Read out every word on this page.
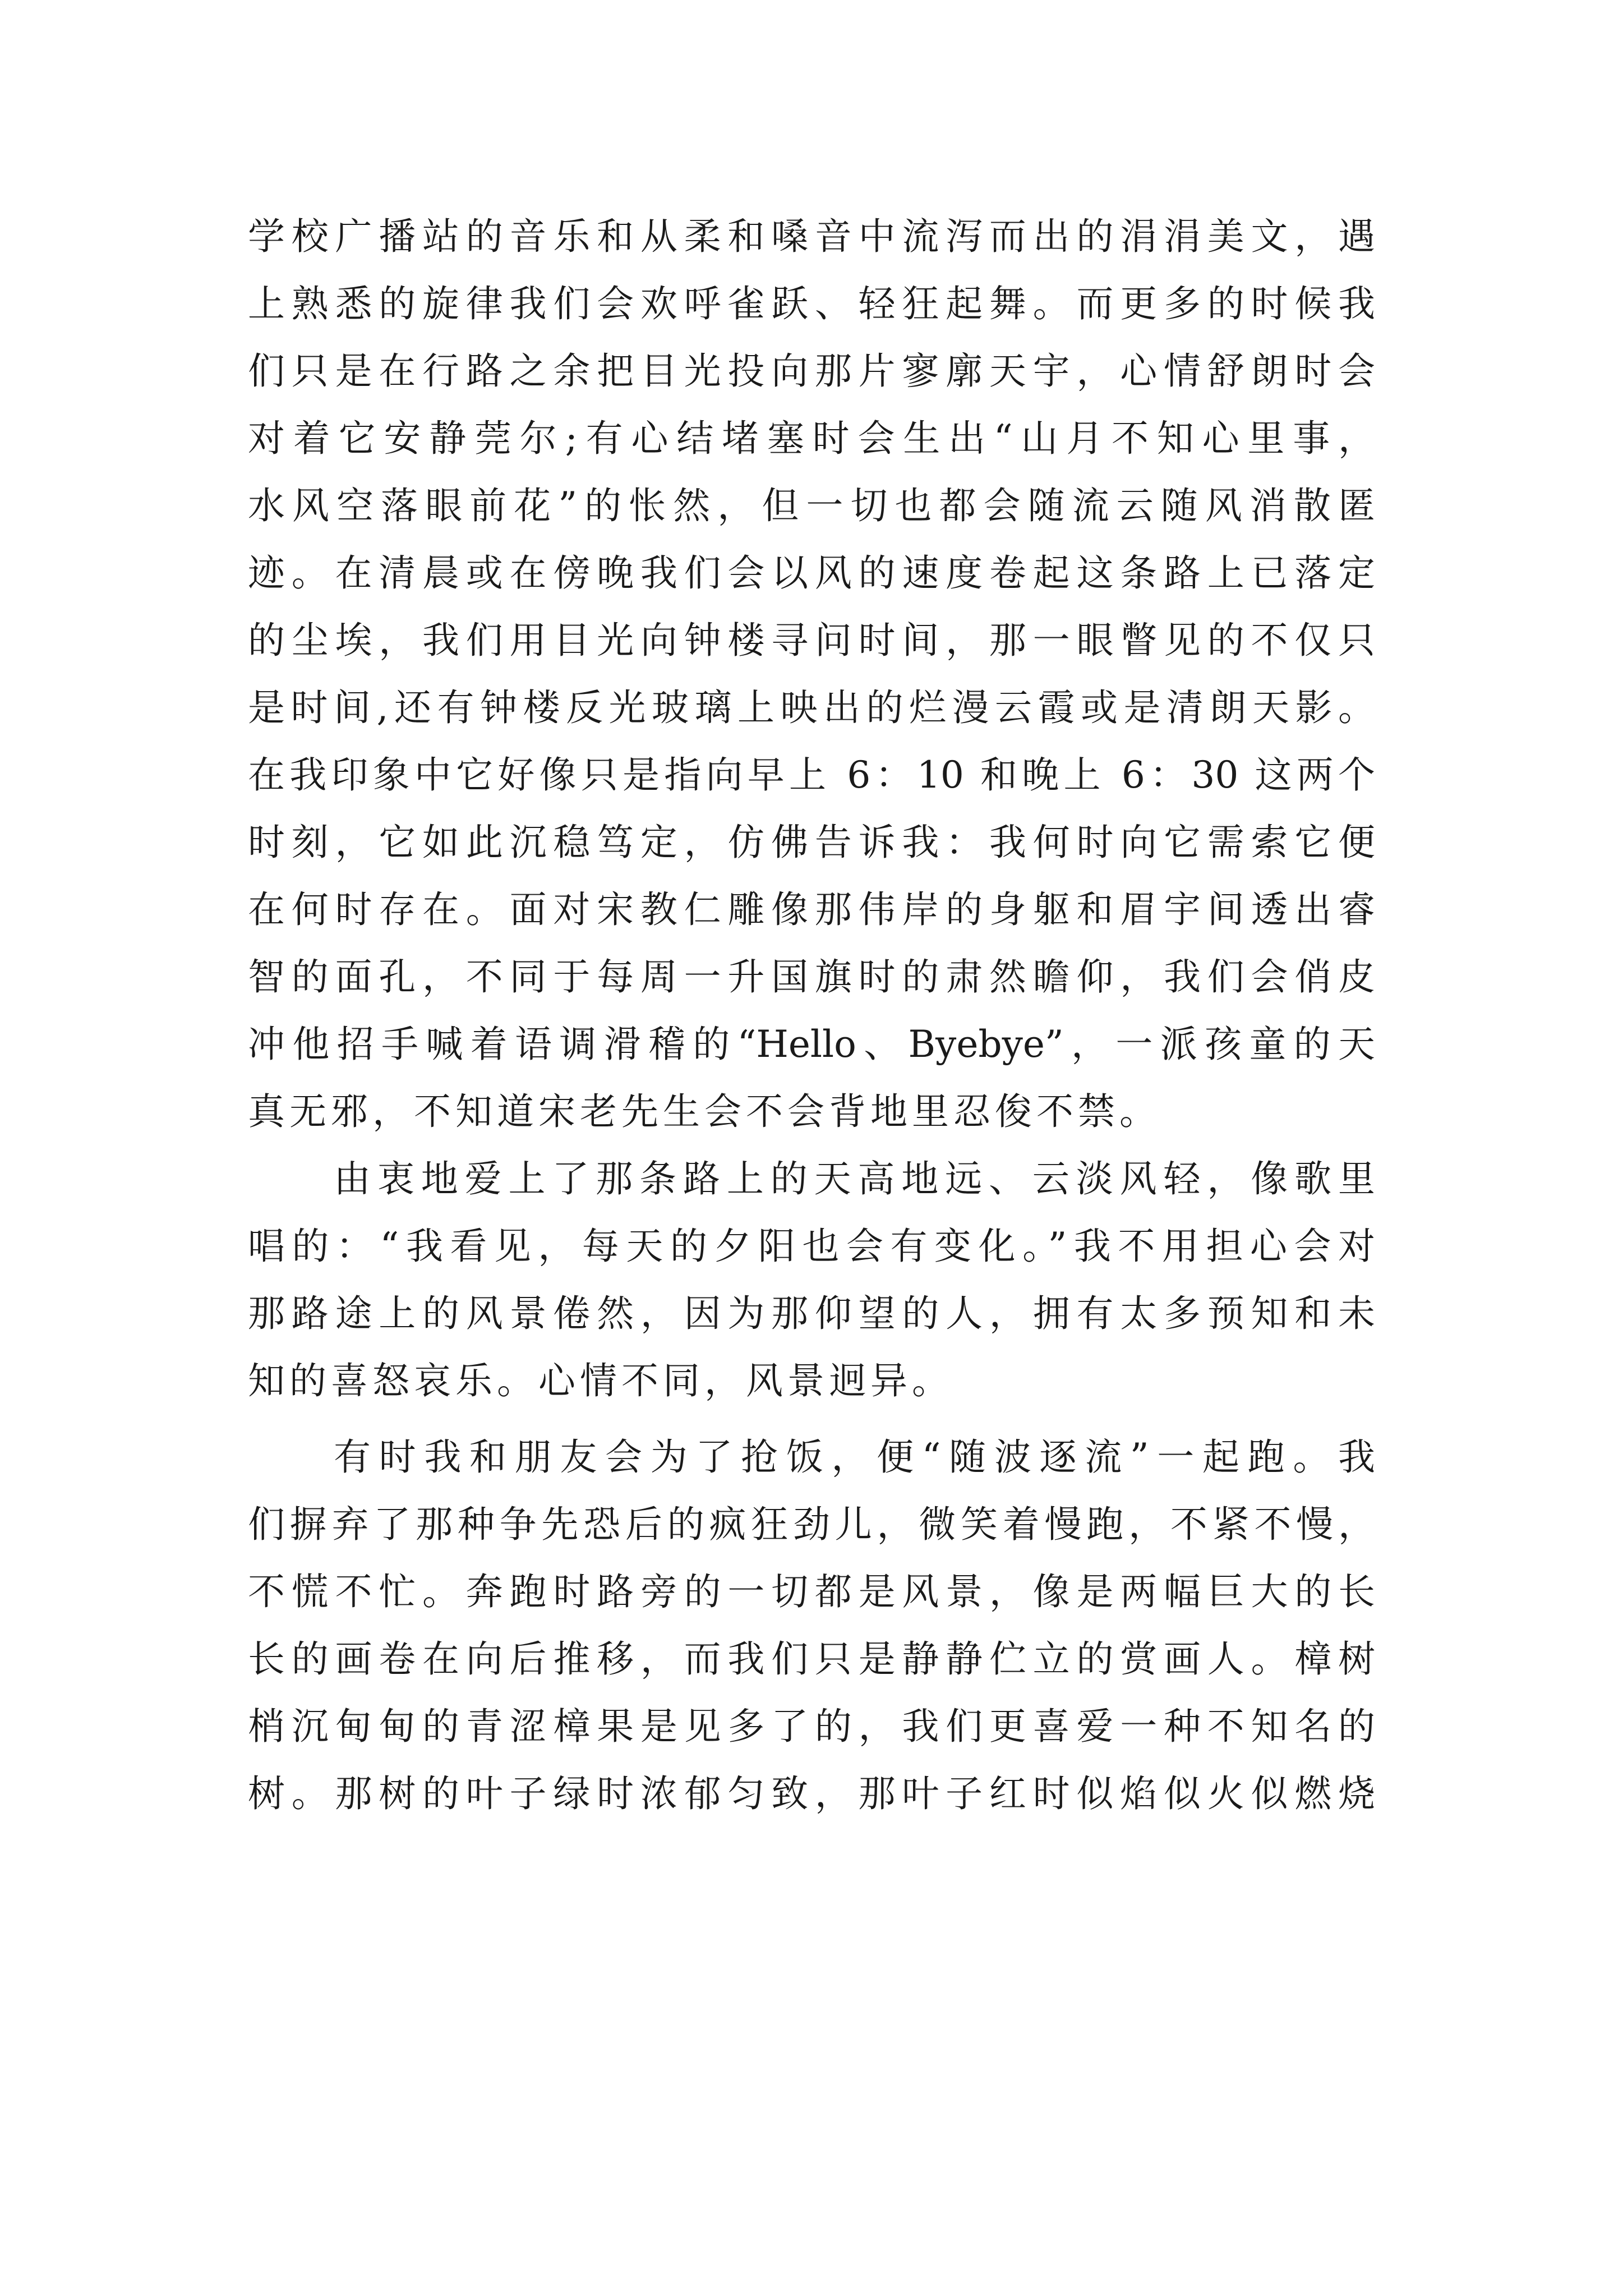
学校广播站的音乐和从柔和嗓音中流泻而出的涓涓美文，遇
上熟悉的旋律我们会欢呼雀跃、轻狂起舞。而更多的时候我
们只是在行路之余把目光投向那片寥廓天宇，心情舒朗时会
对着它安静莞尔;有心结堵塞时会生出“山月不知心里事，
水风空落眼前花”的怅然，但一切也都会随流云随风消散匿
迹。在清晨或在傍晚我们会以风的速度卷起这条路上已落定
的尘埃，我们用目光向钟楼寻问时间，那一眼瞥见的不仅只
是时间,还有钟楼反光玻璃上映出的烂漫云霞或是清朗天影。
在我印象中它好像只是指向早上 6：10 和晚上 6：30 这两个
时刻，它如此沉稳笃定，仿佛告诉我：我何时向它需索它便
在何时存在。面对宋教仁雕像那伟岸的身躯和眉宇间透出睿
智的面孔，不同于每周一升国旗时的肃然瞻仰，我们会俏皮
冲他招手喊着语调滑稽的“Hello、Byebye”，一派孩童的天
真无邪，不知道宋老先生会不会背地里忍俊不禁。
由衷地爱上了那条路上的天高地远、云淡风轻，像歌里
唱的：“我看见，每天的夕阳也会有变化。”我不用担心会对
那路途上的风景倦然，因为那仰望的人，拥有太多预知和未
知的喜怒哀乐。心情不同，风景迥异。
有时我和朋友会为了抢饭，便“随波逐流”一起跑。我
们摒弃了那种争先恐后的疯狂劲儿，微笑着慢跑，不紧不慢，
不慌不忙。奔跑时路旁的一切都是风景，像是两幅巨大的长
长的画卷在向后推移，而我们只是静静伫立的赏画人。樟树
梢沉甸甸的青涩樟果是见多了的，我们更喜爱一种不知名的
树。那树的叶子绿时浓郁匀致，那叶子红时似焰似火似燃烧
